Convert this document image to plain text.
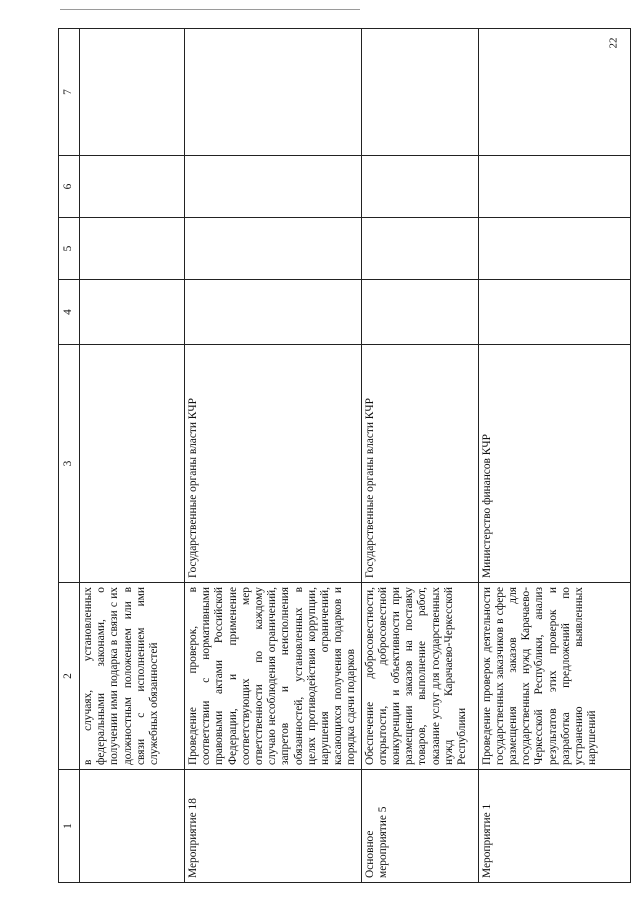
22
1	2	3	4	5	6	7
	в случаях, установленных федеральными законами, о получении ими подарка в связи с их должностным положением или в связи с исполнением ими служебных обязанностей					
Мероприятие 18	Проведение проверок, в соответствии с нормативными правовыми актами Российской Федерации, и применение соответствующих мер ответственности по каждому случаю несоблюдения ограничений, запретов и неисполнения обязанностей, установленных в целях противодействия коррупции, нарушения ограничений, касающихся получения подарков и порядка сдачи подарков	Государственные органы власти КЧР				
Основное мероприятие 5	Обеспечение добросовестности, открытости, добросовестной конкуренции и объективности при размещении заказов на поставку товаров, выполнение работ, оказание услуг для государственных нужд Карачаево-Черкесской Республики	Государственные органы власти КЧР				
Мероприятие 1	Проведение проверок деятельности государственных заказчиков в сфере размещения заказов для государственных нужд Карачаево-Черкесской Республики, анализ результатов этих проверок и разработка предложений по устранению выявленных нарушений	Министерство финансов КЧР				
